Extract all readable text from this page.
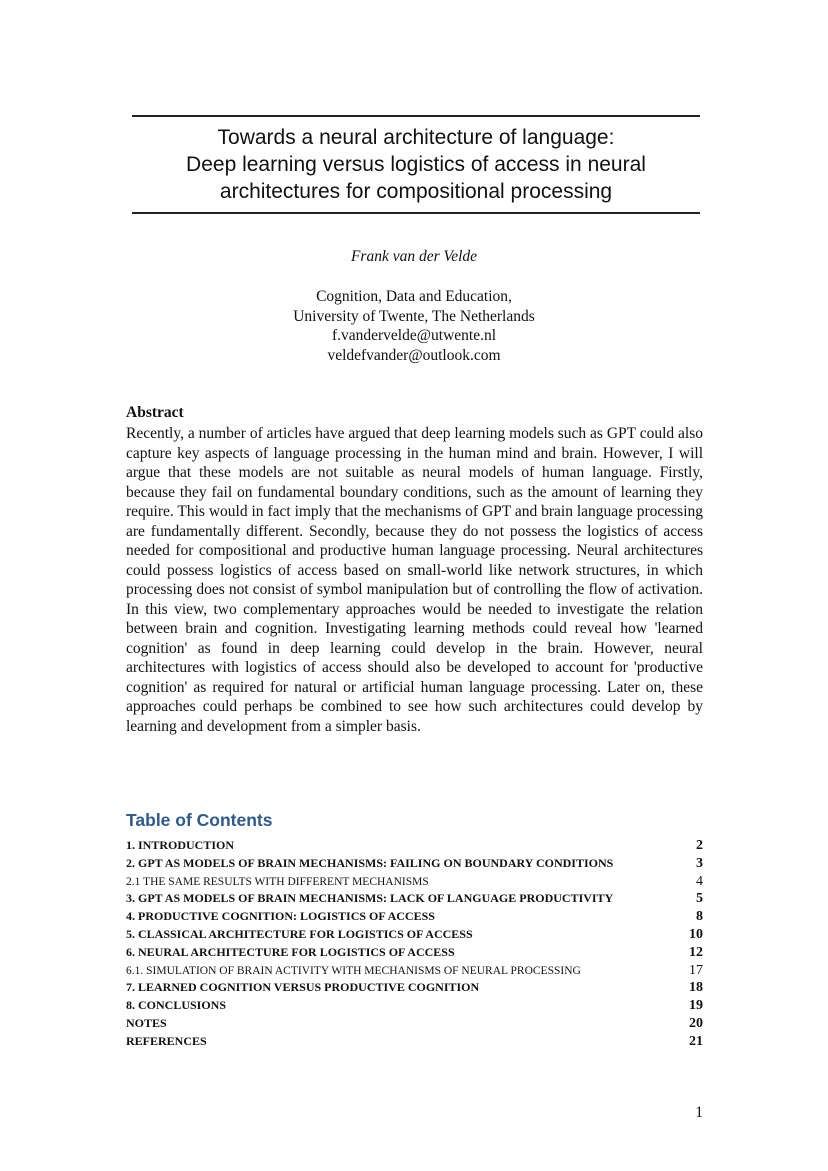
Towards a neural architecture of language:
Deep learning versus logistics of access in neural
architectures for compositional processing
Frank van der Velde
Cognition, Data and Education,
University of Twente, The Netherlands
f.vandervelde@utwente.nl
veldefvander@outlook.com
Abstract
Recently, a number of articles have argued that deep learning models such as GPT could also capture key aspects of language processing in the human mind and brain. However, I will argue that these models are not suitable as neural models of human language. Firstly, because they fail on fundamental boundary conditions, such as the amount of learning they require. This would in fact imply that the mechanisms of GPT and brain language processing are fundamentally different. Secondly, because they do not possess the logistics of access needed for compositional and productive human language processing. Neural architectures could possess logistics of access based on small-world like network structures, in which processing does not consist of symbol manipulation but of controlling the flow of activation. In this view, two complementary approaches would be needed to investigate the relation between brain and cognition. Investigating learning methods could reveal how 'learned cognition' as found in deep learning could develop in the brain. However, neural architectures with logistics of access should also be developed to account for 'productive cognition' as required for natural or artificial human language processing. Later on, these approaches could perhaps be combined to see how such architectures could develop by learning and development from a simpler basis.
Table of Contents
1. INTRODUCTION	2
2. GPT AS MODELS OF BRAIN MECHANISMS: FAILING ON BOUNDARY CONDITIONS	3
2.1 THE SAME RESULTS WITH DIFFERENT MECHANISMS	4
3. GPT AS MODELS OF BRAIN MECHANISMS: LACK OF LANGUAGE PRODUCTIVITY	5
4. PRODUCTIVE COGNITION: LOGISTICS OF ACCESS	8
5. CLASSICAL ARCHITECTURE FOR LOGISTICS OF ACCESS	10
6. NEURAL ARCHITECTURE FOR LOGISTICS OF ACCESS	12
6.1. SIMULATION OF BRAIN ACTIVITY WITH MECHANISMS OF NEURAL PROCESSING	17
7. LEARNED COGNITION VERSUS PRODUCTIVE COGNITION	18
8. CONCLUSIONS	19
NOTES	20
REFERENCES	21
1
